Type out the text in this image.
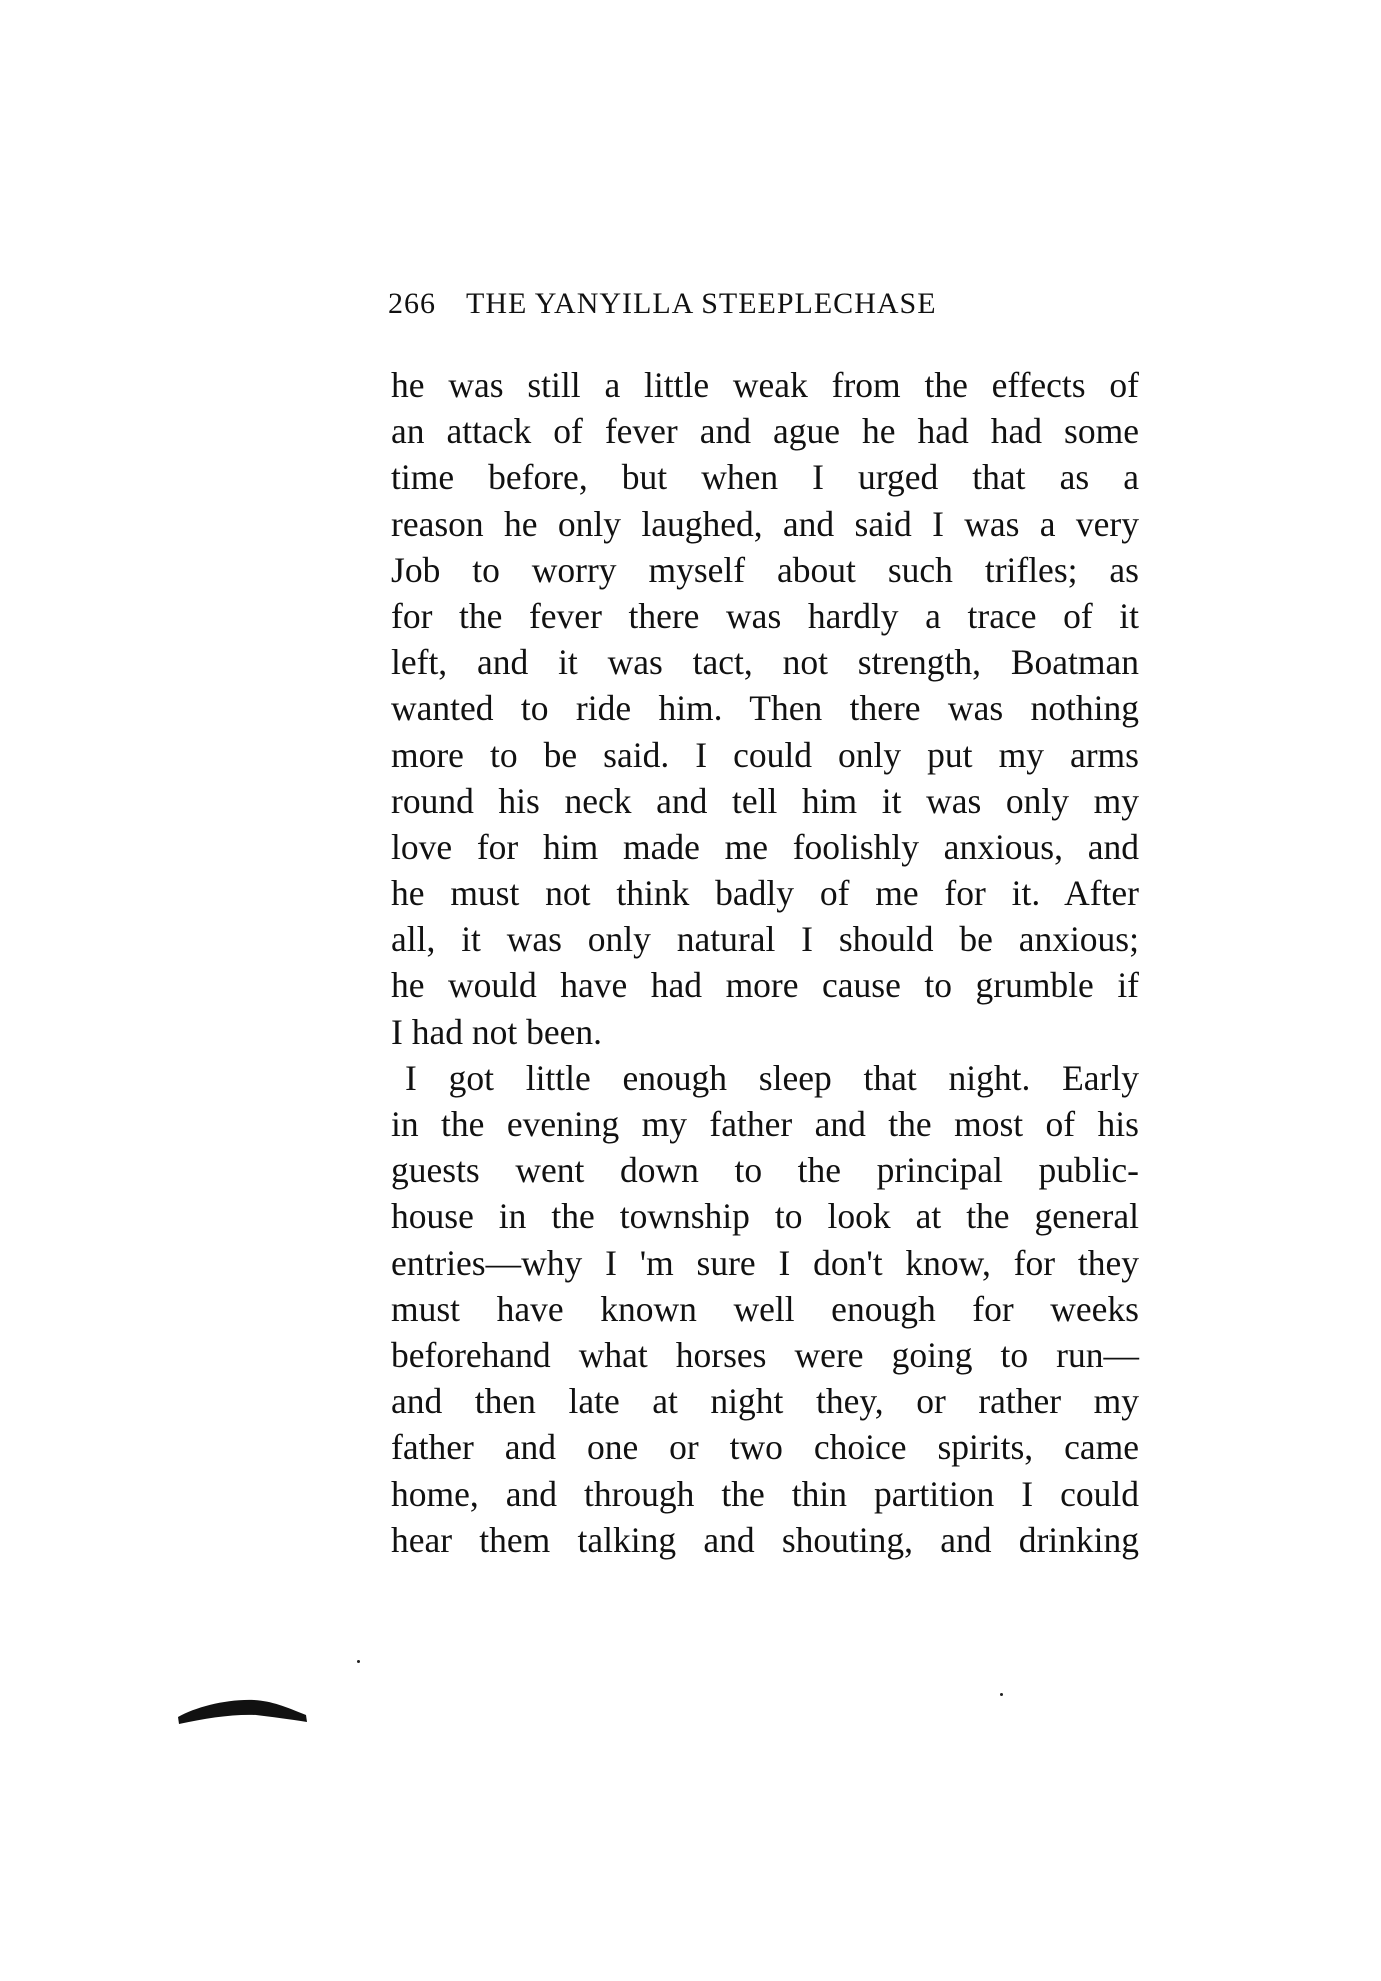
266 THE YANYILLA STEEPLECHASE
he was still a little weak from the effects of
an attack of fever and ague he had had some
time before, but when I urged that as a
reason he only laughed, and said I was a very
Job to worry myself about such trifles; as
for the fever there was hardly a trace of it
left, and it was tact, not strength, Boatman
wanted to ride him. Then there was nothing
more to be said. I could only put my arms
round his neck and tell him it was only my
love for him made me foolishly anxious, and
he must not think badly of me for it. After
all, it was only natural I should be anxious;
he would have had more cause to grumble if
I had not been.
I got little enough sleep that night. Early
in the evening my father and the most of his
guests went down to the principal public-
house in the township to look at the general
entries—why I 'm sure I don't know, for they
must have known well enough for weeks
beforehand what horses were going to run—
and then late at night they, or rather my
father and one or two choice spirits, came
home, and through the thin partition I could
hear them talking and shouting, and drinking
